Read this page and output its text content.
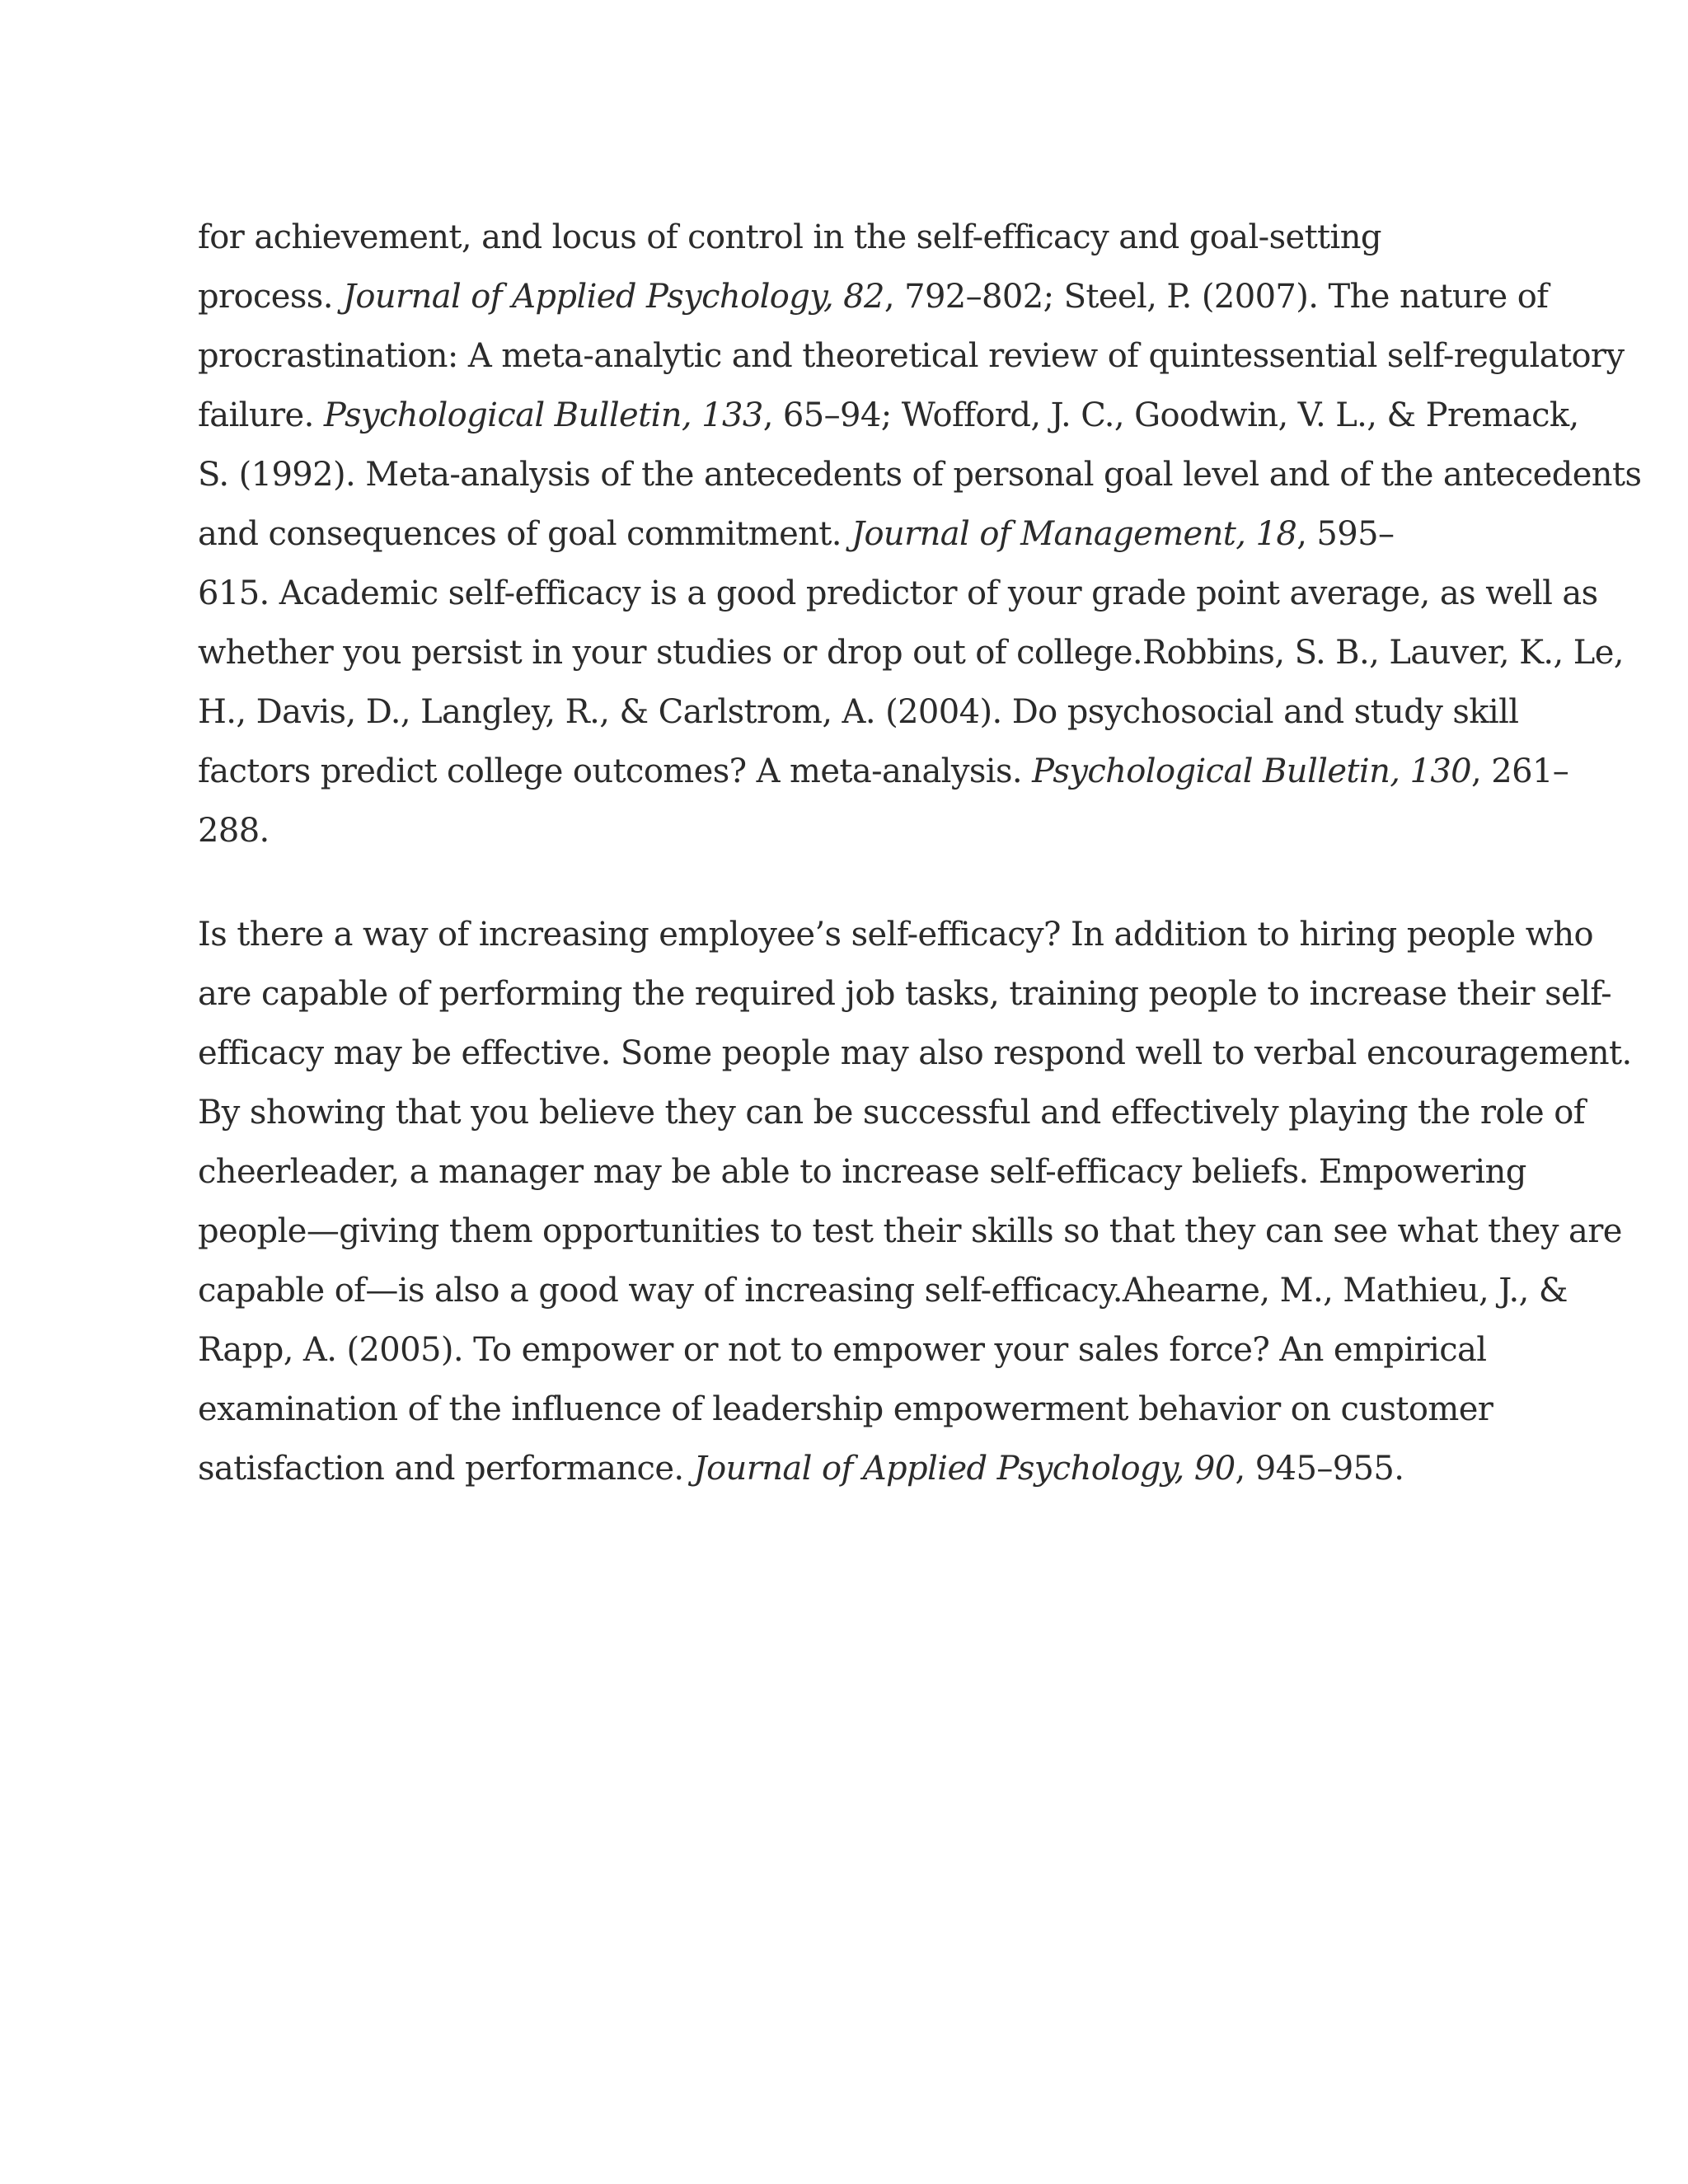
for achievement, and locus of control in the self-efficacy and goal-setting

process. Journal of Applied Psychology, 82, 792–802; Steel, P. (2007). The nature of

procrastination: A meta-analytic and theoretical review of quintessential self-regulatory

failure. Psychological Bulletin, 133, 65–94; Wofford, J. C., Goodwin, V. L., & Premack,

S. (1992). Meta-analysis of the antecedents of personal goal level and of the antecedents

and consequences of goal commitment. Journal of Management, 18, 595–

615. Academic self-efficacy is a good predictor of your grade point average, as well as

whether you persist in your studies or drop out of college.Robbins, S. B., Lauver, K., Le,

H., Davis, D., Langley, R., & Carlstrom, A. (2004). Do psychosocial and study skill

factors predict college outcomes? A meta-analysis. Psychological Bulletin, 130, 261–

288.

Is there a way of increasing employee’s self-efficacy? In addition to hiring people who

are capable of performing the required job tasks, training people to increase their self-

efficacy may be effective. Some people may also respond well to verbal encouragement.

By showing that you believe they can be successful and effectively playing the role of

cheerleader, a manager may be able to increase self-efficacy beliefs. Empowering

people—giving them opportunities to test their skills so that they can see what they are

capable of—is also a good way of increasing self-efficacy.Ahearne, M., Mathieu, J., &

Rapp, A. (2005). To empower or not to empower your sales force? An empirical

examination of the influence of leadership empowerment behavior on customer

satisfaction and performance. Journal of Applied Psychology, 90, 945–955.
